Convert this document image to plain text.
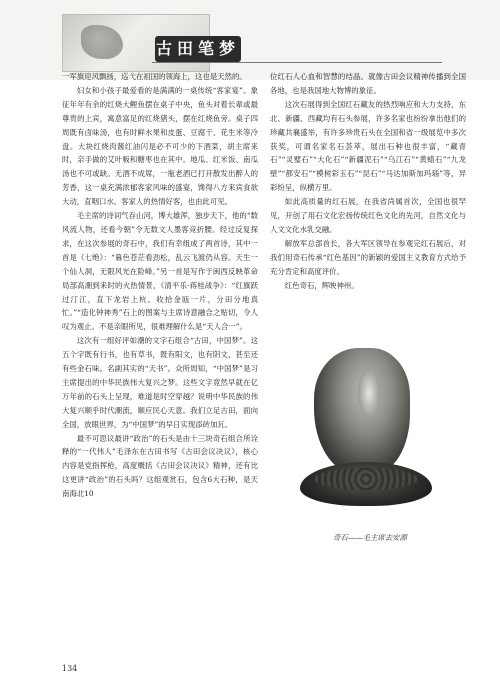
古田笔梦

一军旗迎风飘扬，巡弋在祖国的领海上，这也是天然的。

妇女和小孩子最爱看的是满满的一桌传统“客家宴”。象征年年有余的红烧大鲤鱼摆在桌子中央，鱼头对着长辈或最尊贵的上宾，寓意富足的红烧猪头，摆在红烧鱼旁。桌子四周既有卤味汤，也有时鲜水果和皮蛋、豆腐干、花生米等冷盘。大块红烧肉酱红油闪是必不可少的下酒菜，胡主席来时，亲手做的艾叶粄和糖枣也在其中。地瓜、红米饭、南瓜汤也不可或缺。无酒不成席，一瓶老酒已打开散发出醉人的芳香，这一桌充满浓郁客家风味的盛宴，馋得八方来宾食欲大动，直咽口水。客家人的热情好客，也由此可见。

毛主席的诗词气吞山河，博大雄浑，独步天下，他的“数风流人物，还看今朝”令无数文人墨客竞折腰。经过反复探求，在这次参展的奇石中，我们有幸组成了两首诗，其中一首是《七绝》：“暮色苍茫看劲松，乱云飞渡仍从容。天生一个仙人洞，无限风光在险峰。”另一首是写作于闽西反映革命局部高潮到来时的火热情景，《清平乐·蒋桂战争》：“红旗跃过汀江，直下龙岩上杭。收拾金瓯一片，分田分地真忙。”“造化钟神秀”石上的图案与主席诗意融合之贴切，令人叹为观止。不是亲眼所见，很难理解什么是“天人合一”。

这次有一组好评如潮的文字石组合“古田，中国梦”。这五个字既有行书，也有草书，既有阳文，也有阴文，甚至还有些金石味。名副其实的“天书”。众所周知，“中国梦”是习主席提出的中华民族伟大复兴之梦。这些文字竟然早就在亿万年前的石头上呈现，难道是时空穿越？说明中华民族的伟大复兴顺乎时代潮流，顺应民心天意。我们立足古田，面向全国，放眼世界，为“中国梦”的早日实现添砖加瓦。

最不可思议最讲“政治”的石头是由十三块奇石组合所诠释的“一代伟人”毛泽东在古田书写《古田会议决议》，核心内容是党指挥枪，高度概括《古田会议决议》精神，还有比这更讲“政治”的石头吗？这组观赏石，包含6大石种，是天南海北10

位红石人心血和智慧的结晶。就像古田会议精神传播到全国各地，也是我国地大物博的象征。

这次石展得到全国红石藏友的热烈响应和大力支持，东北、新疆、西藏均有石头参展，许多名家也纷纷拿出他们的珍藏共襄盛举，有许多珍贵石头在全国和省一级展览中多次获奖，可谓名家名石荟萃，展出石种也很丰富，“藏青石”“灵璧石”“大化石”“新疆泥石”“乌江石”“黄蜡石”“九龙壁”“都安石”“模树彩玉石”“昆石”“马达加斯加玛瑙”等，异彩纷呈，纵横万里。

如此高质量的红石展，在我省尚属首次，全国也很罕见，开创了用石文化宏扬传统红色文化的先河，自然文化与人文文化水乳交融。

解放军总部首长，各大军区领导在参观完红石展后，对我们用奇石传承“红色基因”的新颖的爱国主义教育方式给予充分肯定和高度评价。

红色奇石，辉映神州。

奇石——毛主席去安源
134
